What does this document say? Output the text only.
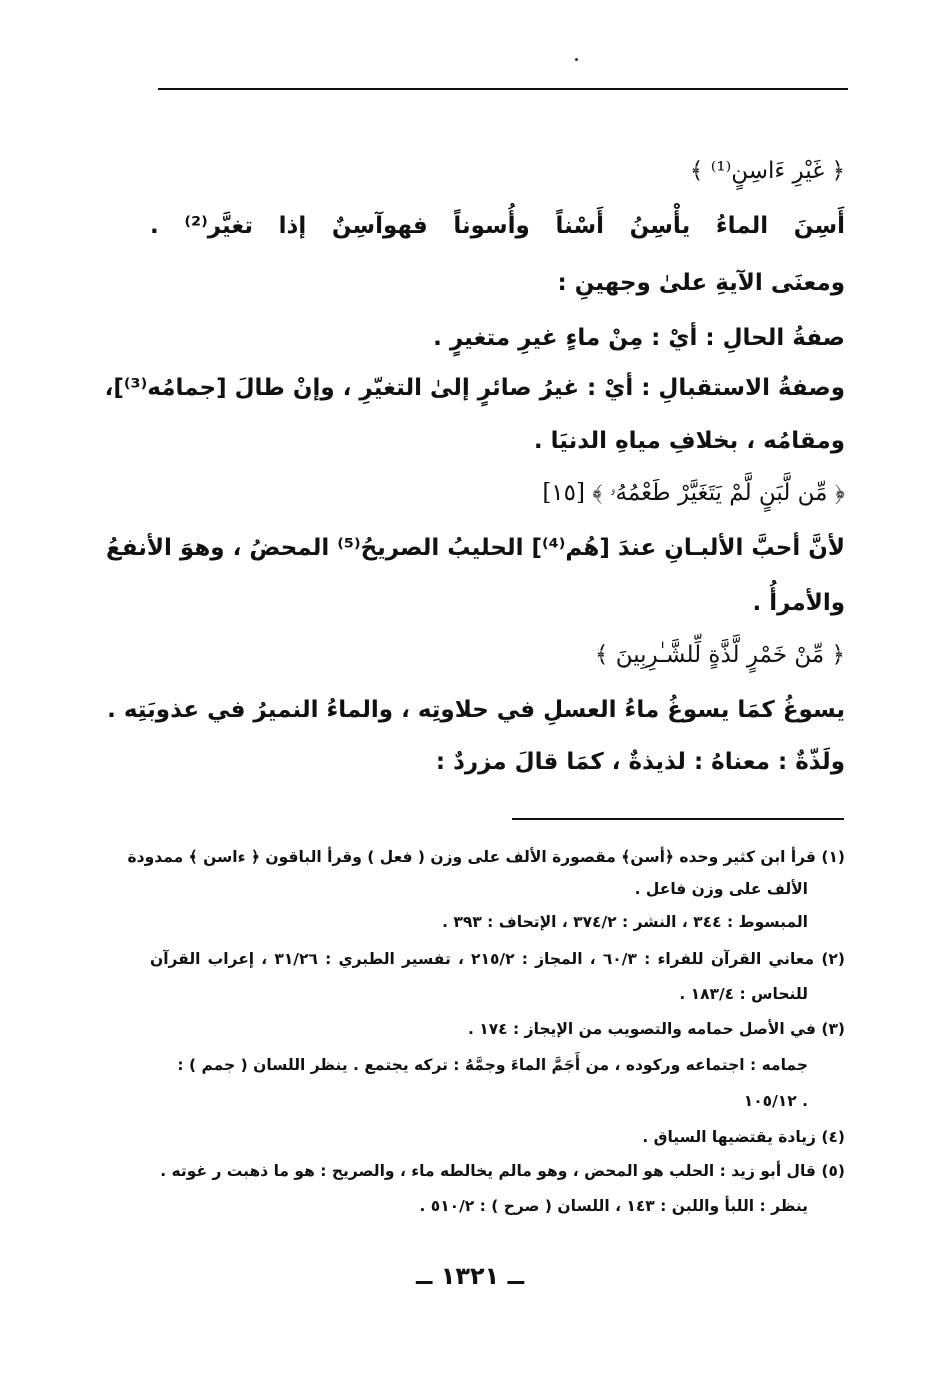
﴿ غَيْرِ ءَاسِنٍ⁽¹⁾ ﴾
أَسِنَ الماءُ يأْسِنُ أَسْناً وأُسوناً فهوآسِنٌ إذا تغيَّر⁽²⁾ .
ومعنَى الآيةِ علىٰ وجهينِ :
صفةُ الحالِ : أيْ : مِنْ ماءٍ غيرِ متغيرٍ .
وصفةُ الاستقبالِ : أيْ : غيرُ صائرٍ إلىٰ التغيّرِ ، وإنْ طالَ [جمامُه⁽³⁾]،
ومقامُه ، بخلافِ مياهِ الدنيَا .
﴿ مِّن لَّبَنٍ لَّمْ يَتَغَيَّرْ طَعْمُهُۥ ﴾ [١٥]
لأنَّ أحبَّ الألبـانِ عندَ [هُم⁽⁴⁾] الحليبُ الصريحُ⁽⁵⁾ المحضُ ، وهوَ الأنفعُ
والأمرأُ .
﴿ مِّنْ خَمْرٍ لَّذَّةٍ لِّلشَّـٰرِبِينَ ﴾
يسوغُ كمَا يسوغُ ماءُ العسلِ في حلاوتِه ، والماءُ النميرُ في عذوبَتِه .
ولَذّةٌ : معناهُ : لذيذةٌ ، كمَا قالَ مزردٌ :
(١) قرأ ابن كثير وحده ﴿أسن﴾ مقصورة الألف على وزن ( فعل ) وقرأ الباقون ﴿ ءاسن ﴾ ممدودة
الألف على وزن فاعل .
المبسوط : ٣٤٤ ، النشر : ٣٧٤/٢ ، الإتحاف : ٣٩٣ .
(٢) معاني القرآن للفراء : ٦٠/٣ ، المجاز : ٢١٥/٢ ، تفسير الطبري : ٣١/٢٦ ، إعراب القرآن
للنحاس : ١٨٣/٤ .
(٣) في الأصل حمامه والتصويب من الإيجاز : ١٧٤ .
جمامه : اجتماعه وركوده ، من أَجَمَّ الماءَ وجمَّهُ : تركه يجتمع . ينظر اللسان ( جمم ) :
١٠٥/١٢ .
(٤) زيادة يقتضيها السياق .
(٥) قال أبو زيد : الحلب هو المحض ، وهو مالم يخالطه ماء ، والصريح : هو ما ذهبت ر غوته .
ينظر : اللبأ واللبن : ١٤٣ ، اللسان ( صرح ) : ٥١٠/٢ .
ــ ١٣٢١ ــ
